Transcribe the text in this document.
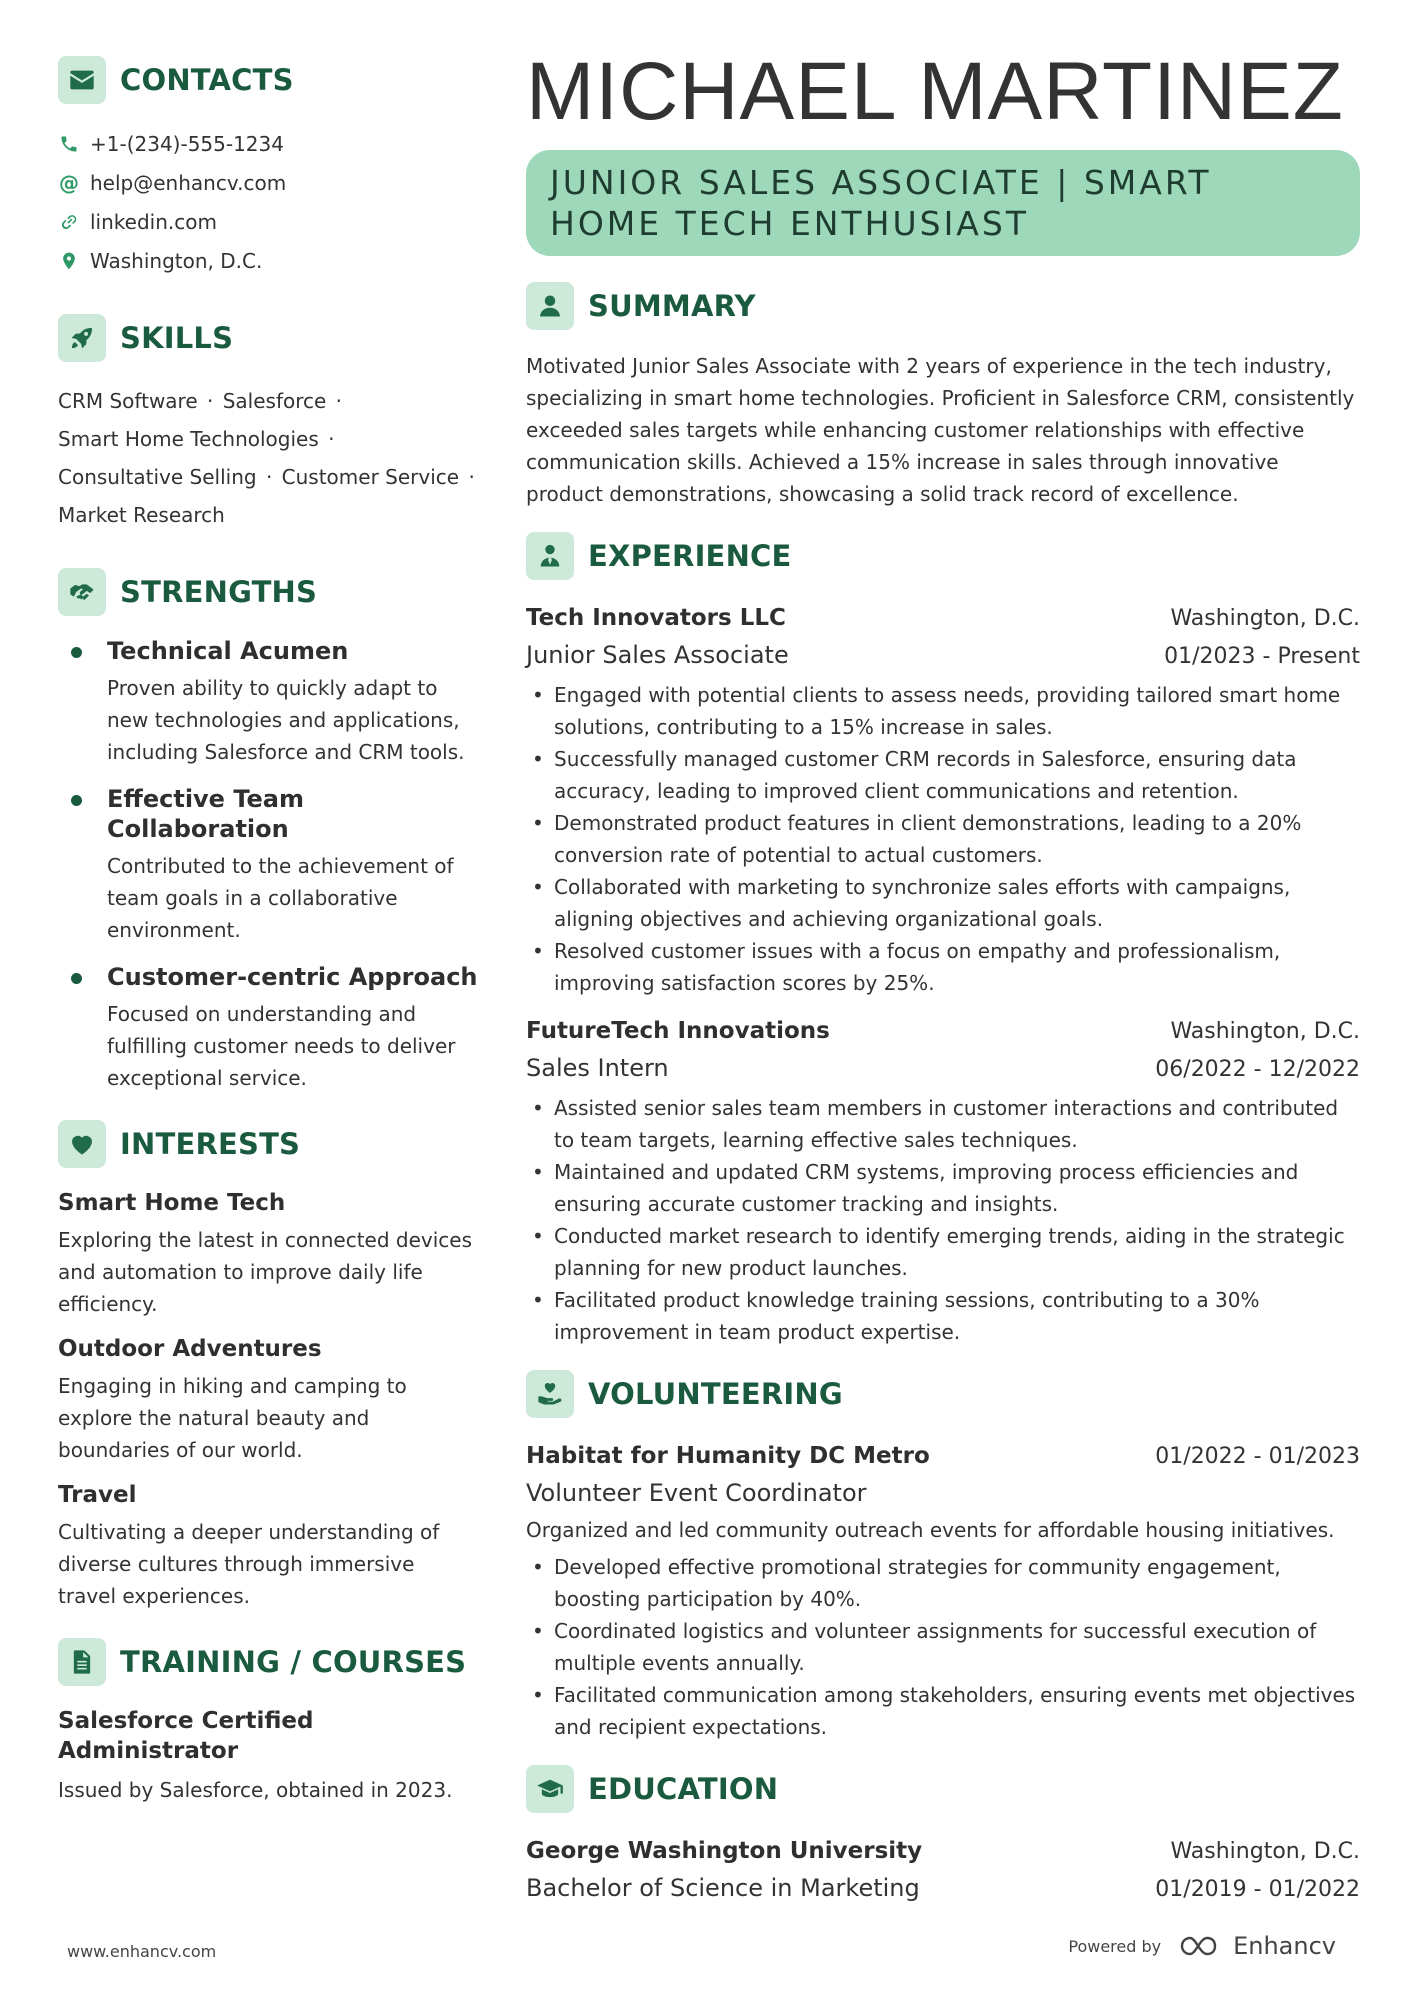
CONTACTS
+1-(234)-555-1234
@ help@enhancv.com
linkedin.com
Washington, D.C.
SKILLS
CRM Software · Salesforce ·
Smart Home Technologies ·
Consultative Selling · Customer Service ·
Market Research
STRENGTHS
Technical Acumen
Proven ability to quickly adapt to new technologies and applications, including Salesforce and CRM tools.
Effective Team Collaboration
Contributed to the achievement of team goals in a collaborative environment.
Customer-centric Approach
Focused on understanding and fulfilling customer needs to deliver exceptional service.
INTERESTS
Smart Home Tech
Exploring the latest in connected devices and automation to improve daily life efficiency.
Outdoor Adventures
Engaging in hiking and camping to explore the natural beauty and boundaries of our world.
Travel
Cultivating a deeper understanding of diverse cultures through immersive travel experiences.
TRAINING / COURSES
Salesforce Certified Administrator
Issued by Salesforce, obtained in 2023.
MICHAEL MARTINEZ
JUNIOR SALES ASSOCIATE | SMART HOME TECH ENTHUSIAST
SUMMARY

Motivated Junior Sales Associate with 2 years of experience in the tech industry, specializing in smart home technologies. Proficient in Salesforce CRM, consistently exceeded sales targets while enhancing customer relationships with effective communication skills. Achieved a 15% increase in sales through innovative product demonstrations, showcasing a solid track record of excellence.

EXPERIENCE
Tech Innovators LLC	Washington, D.C.
Junior Sales Associate	01/2023 - Present
• Engaged with potential clients to assess needs, providing tailored smart home solutions, contributing to a 15% increase in sales.
• Successfully managed customer CRM records in Salesforce, ensuring data accuracy, leading to improved client communications and retention.
• Demonstrated product features in client demonstrations, leading to a 20% conversion rate of potential to actual customers.
• Collaborated with marketing to synchronize sales efforts with campaigns, aligning objectives and achieving organizational goals.
• Resolved customer issues with a focus on empathy and professionalism, improving satisfaction scores by 25%.
FutureTech Innovations	Washington, D.C.
Sales Intern	06/2022 - 12/2022
• Assisted senior sales team members in customer interactions and contributed to team targets, learning effective sales techniques.
• Maintained and updated CRM systems, improving process efficiencies and ensuring accurate customer tracking and insights.
• Conducted market research to identify emerging trends, aiding in the strategic planning for new product launches.
• Facilitated product knowledge training sessions, contributing to a 30% improvement in team product expertise.
VOLUNTEERING
Habitat for Humanity DC Metro	01/2022 - 01/2023
Volunteer Event Coordinator
Organized and led community outreach events for affordable housing initiatives.
• Developed effective promotional strategies for community engagement, boosting participation by 40%.
• Coordinated logistics and volunteer assignments for successful execution of multiple events annually.
• Facilitated communication among stakeholders, ensuring events met objectives and recipient expectations.
EDUCATION
George Washington University	Washington, D.C.
Bachelor of Science in Marketing	01/2019 - 01/2022
www.enhancv.com	Powered by	Enhancv
